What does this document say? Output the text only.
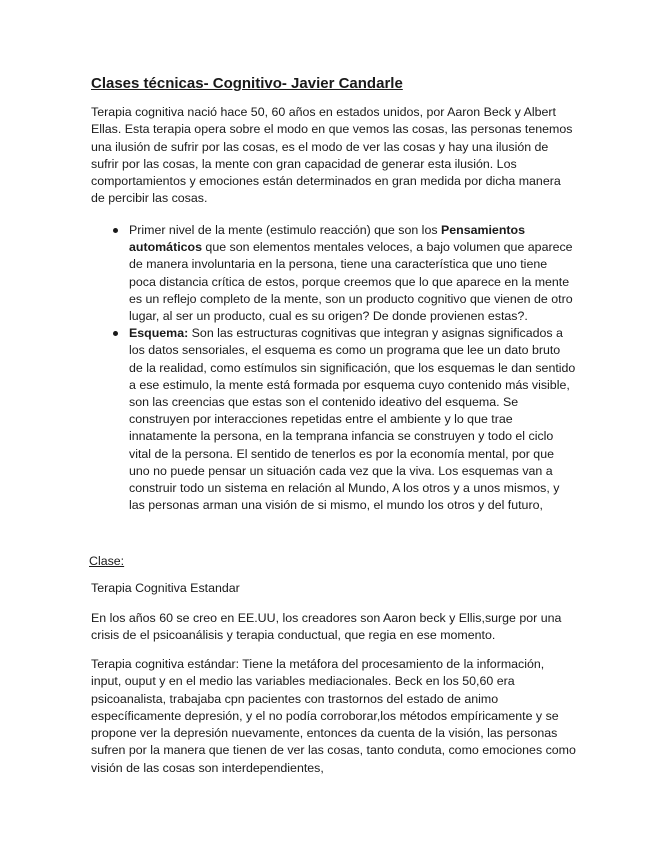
Clases técnicas- Cognitivo- Javier Candarle

Terapia cognitiva nació hace 50, 60 años en estados unidos, por Aaron Beck y Albert Ellas. Esta terapia opera sobre el modo en que vemos las cosas, las personas tenemos una ilusión de sufrir por las cosas, es el modo de ver las cosas y hay una ilusión de sufrir por las cosas, la mente con gran capacidad de generar esta ilusión. Los comportamientos y emociones están determinados en gran medida por dicha manera de percibir las cosas.

Primer nivel de la mente (estimulo reacción) que son los Pensamientos automáticos que son elementos mentales veloces, a bajo volumen que aparece de manera involuntaria en la persona, tiene una característica que uno tiene poca distancia crítica de estos, porque creemos que lo que aparece en la mente es un reflejo completo de la mente, son un producto cognitivo que vienen de otro lugar, al ser un producto, cual es su origen? De donde provienen estas?.
Esquema: Son las estructuras cognitivas que integran y asignas significados a los datos sensoriales, el esquema es como un programa que lee un dato bruto de la realidad, como estímulos sin significación, que los esquemas le dan sentido a ese estimulo, la mente está formada por esquema cuyo contenido más visible, son las creencias que estas son el contenido ideativo del esquema. Se construyen por interacciones repetidas entre el ambiente y lo que trae innatamente la persona, en la temprana infancia se construyen y todo el ciclo vital de la persona. El sentido de tenerlos es por la economía mental, por que uno no puede pensar un situación cada vez que la viva. Los esquemas van a construir todo un sistema en relación al Mundo, A los otros y a unos mismos, y las personas arman una visión de si mismo, el mundo los otros y del futuro,

Clase:

Terapia Cognitiva Estandar

En los años 60 se creo en EE.UU, los creadores son Aaron beck y Ellis,surge por una crisis de el psicoanálisis y terapia conductual, que regia en ese momento.

Terapia cognitiva estándar: Tiene la metáfora del procesamiento de la información, input, ouput y en el medio las variables mediacionales. Beck en los 50,60 era psicoanalista, trabajaba cpn pacientes con trastornos del estado de animo específicamente depresión, y el no podía corroborar,los métodos empíricamente y se propone ver la depresión nuevamente, entonces da cuenta de la visión, las personas sufren por la manera que tienen de ver las cosas, tanto conduta, como emociones como visión de las cosas son interdependientes,
